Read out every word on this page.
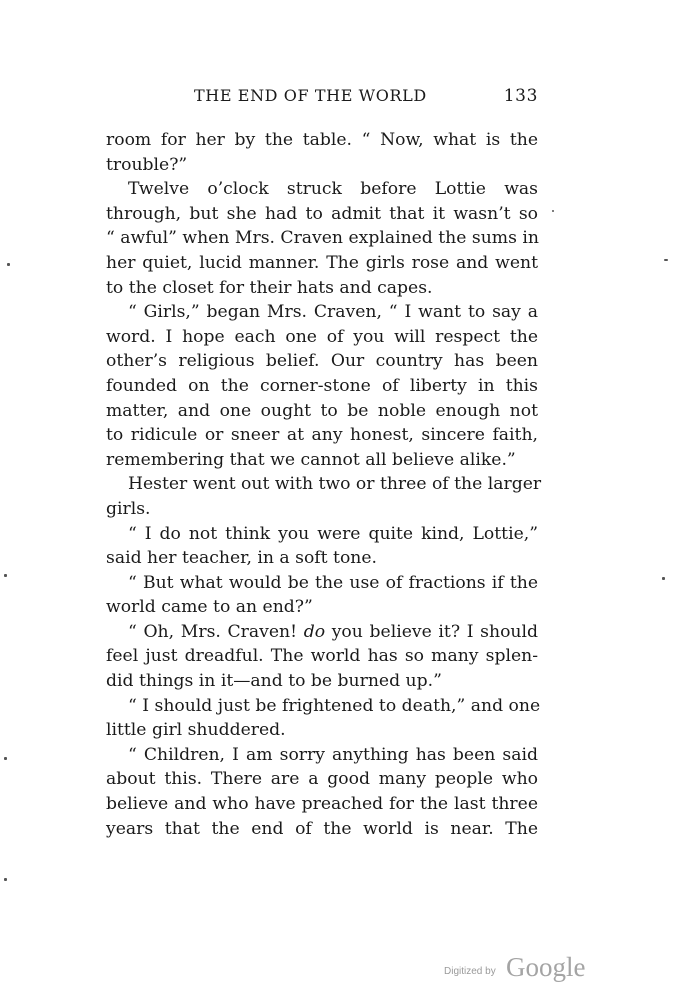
THE END OF THE WORLD	133
room for her by the table. “ Now, what is the
trouble?”
Twelve o’clock struck before Lottie was
through, but she had to admit that it wasn’t so
“ awful” when Mrs. Craven explained the sums in
her quiet, lucid manner. The girls rose and went
to the closet for their hats and capes.
“ Girls,” began Mrs. Craven, “ I want to say a
word. I hope each one of you will respect the
other’s religious belief. Our country has been
founded on the corner-stone of liberty in this
matter, and one ought to be noble enough not
to ridicule or sneer at any honest, sincere faith,
remembering that we cannot all believe alike.”
Hester went out with two or three of the larger
girls.
“ I do not think you were quite kind, Lottie,”
said her teacher, in a soft tone.
“ But what would be the use of fractions if the
world came to an end?”
“ Oh, Mrs. Craven! do you believe it? I should
feel just dreadful. The world has so many splen-
did things in it—and to be burned up.”
“ I should just be frightened to death,” and one
little girl shuddered.
“ Children, I am sorry anything has been said
about this. There are a good many people who
believe and who have preached for the last three
years that the end of the world is near. The
Digitized by Google
